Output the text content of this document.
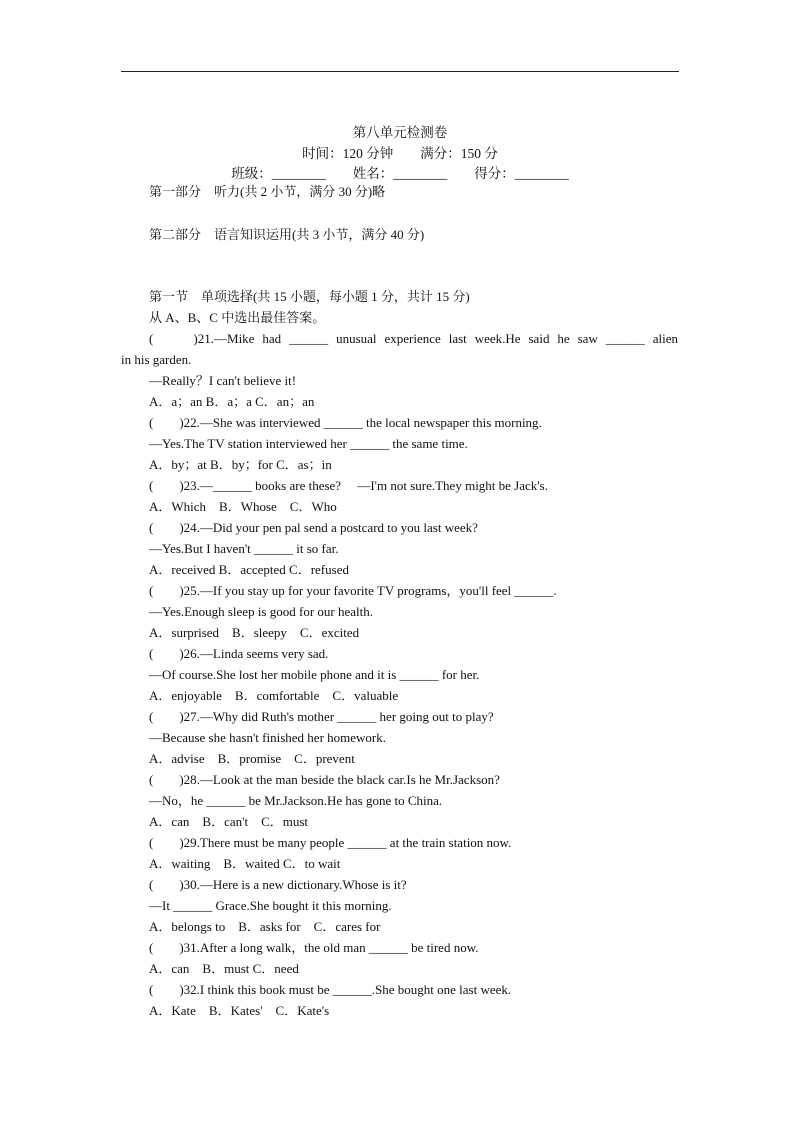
第八单元检测卷
时间：120 分钟　　满分：150 分
班级：________　　姓名：________　　得分：________
第一部分　听力(共 2 小节，满分 30 分)略
第二部分　语言知识运用(共 3 小节，满分 40 分)
第一节　单项选择(共 15 小题，每小题 1 分，共计 15 分)
从 A、B、C 中选出最佳答案。
(　　)21.—Mike had ______ unusual experience last week.He said he saw ______ alien
in his garden.
—Really？I can't believe it!
A．a；an B．a；a C．an；an
(　　)22.—She was interviewed ______ the local newspaper this morning.
—Yes.The TV station interviewed her ______ the same time.
A．by；at B．by；for C．as；in
(　　)23.—______ books are these?　 —I'm not sure.They might be Jack's.
A．Which　B．Whose　C．Who
(　　)24.—Did your pen pal send a postcard to you last week?
—Yes.But I haven't ______ it so far.
A．received B．accepted C．refused
(　　)25.—If you stay up for your favorite TV programs，you'll feel ______.
—Yes.Enough sleep is good for our health.
A．surprised　B．sleepy　C．excited
(　　)26.—Linda seems very sad.
—Of course.She lost her mobile phone and it is ______ for her.
A．enjoyable　B．comfortable　C．valuable
(　　)27.—Why did Ruth's mother ______ her going out to play?
—Because she hasn't finished her homework.
A．advise　B．promise　C．prevent
(　　)28.—Look at the man beside the black car.Is he Mr.Jackson?
—No，he ______ be Mr.Jackson.He has gone to China.
A．can　B．can't　C．must
(　　)29.There must be many people ______ at the train station now.
A．waiting　B．waited C．to wait
(　　)30.—Here is a new dictionary.Whose is it?
—It ______ Grace.She bought it this morning.
A．belongs to　B．asks for　C．cares for
(　　)31.After a long walk，the old man ______ be tired now.
A．can　B．must C．need
(　　)32.I think this book must be ______.She bought one last week.
A．Kate　B．Kates'　C．Kate's
